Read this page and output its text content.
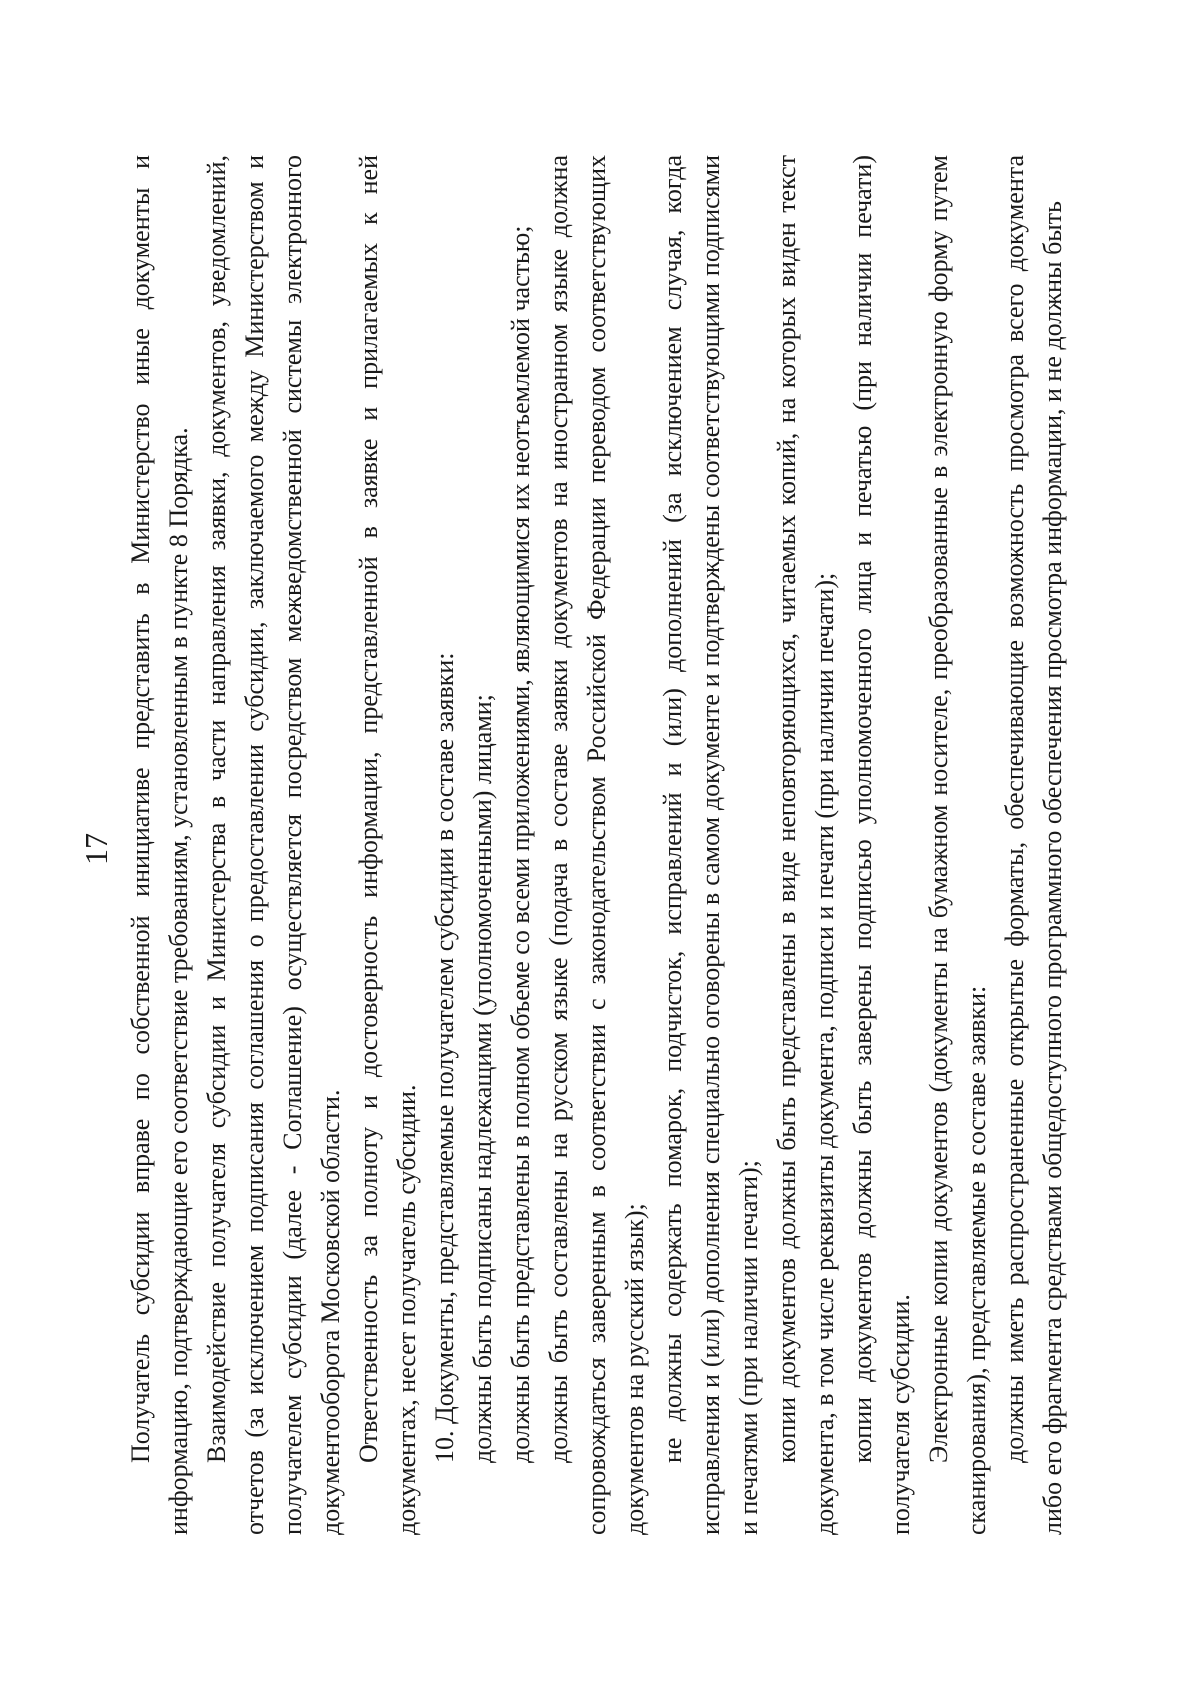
17 Получатель субсидии вправе по собственной инициативе представить в Министерство иные документы и информацию, подтверждающие его соответствие требованиям, установленным в пункте 8 Порядка. Взаимодействие получателя субсидии и Министерства в части направления заявки, документов, уведомлений, отчетов (за исключением подписания соглашения о предоставлении субсидии, заключаемого между Министерством и получателем субсидии (далее - Соглашение) осуществляется посредством межведомственной системы электронного документооборота Московской области. Ответственность за полноту и достоверность информации, представленной в заявке и прилагаемых к ней документах, несет получатель субсидии. 10. Документы, представляемые получателем субсидии в составе заявки: должны быть подписаны надлежащими (уполномоченными) лицами; должны быть представлены в полном объеме со всеми приложениями, являющимися их неотъемлемой частью; должны быть составлены на русском языке (подача в составе заявки документов на иностранном языке должна сопровождаться заверенным в соответствии с законодательством Российской Федерации переводом соответствующих документов на русский язык); не должны содержать помарок, подчисток, исправлений и (или) дополнений (за исключением случая, когда исправления и (или) дополнения специально оговорены в самом документе и подтверждены соответствующими подписями и печатями (при наличии печати); копии документов должны быть представлены в виде неповторяющихся, читаемых копий, на которых виден текст документа, в том числе реквизиты документа, подписи и печати (при наличии печати); копии документов должны быть заверены подписью уполномоченного лица и печатью (при наличии печати) получателя субсидии. Электронные копии документов (документы на бумажном носителе, преобразованные в электронную форму путем сканирования), представляемые в составе заявки: должны иметь распространенные открытые форматы, обеспечивающие возможность просмотра всего документа либо его фрагмента средствами общедоступного программного обеспечения просмотра информации, и не должны быть
